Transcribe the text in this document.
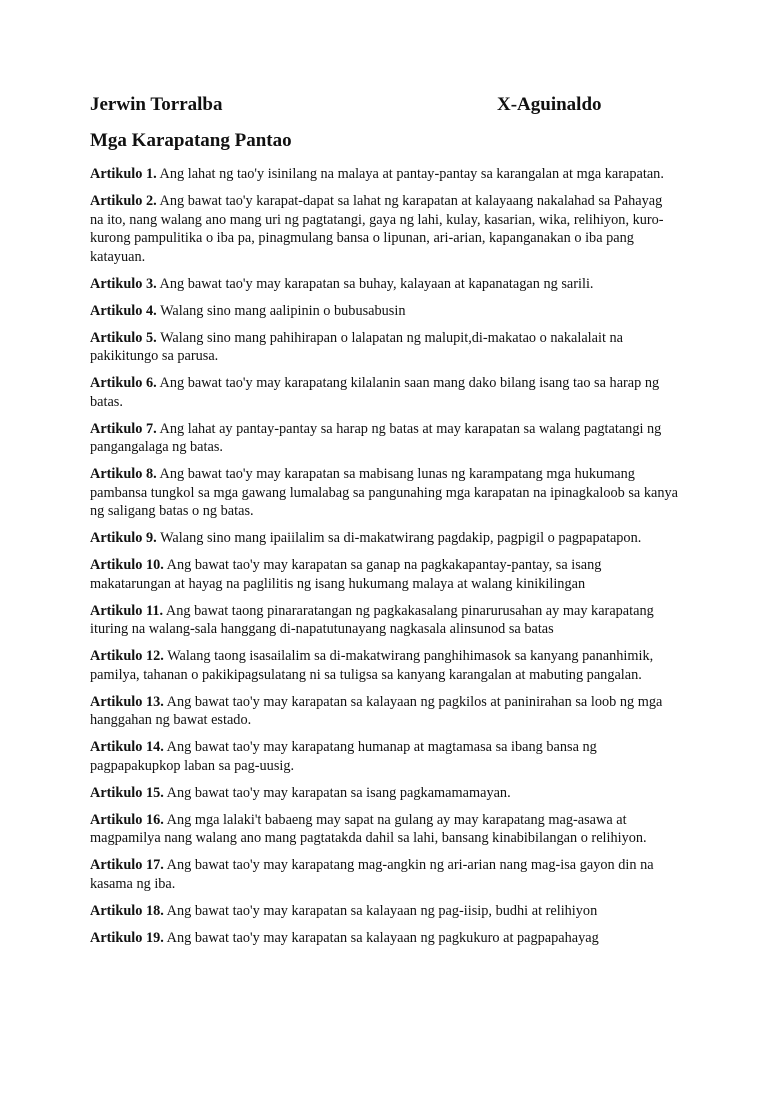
Jerwin Torralba	X-Aguinaldo
Mga Karapatang Pantao

Artikulo 1. Ang lahat ng tao'y isinilang na malaya at pantay-pantay sa karangalan at mga karapatan.

Artikulo 2. Ang bawat tao'y karapat-dapat sa lahat ng karapatan at kalayaang nakalahad sa Pahayag na ito, nang walang ano mang uri ng pagtatangi, gaya ng lahi, kulay, kasarian, wika, relihiyon, kuro-kurong pampulitika o iba pa, pinagmulang bansa o lipunan, ari-arian, kapanganakan o iba pang katayuan.

Artikulo 3. Ang bawat tao'y may karapatan sa buhay, kalayaan at kapanatagan ng sarili.

Artikulo 4. Walang sino mang aalipinin o bubusabusin

Artikulo 5. Walang sino mang pahihirapan o lalapatan ng malupit,di-makatao o nakalalait na pakikitungo sa parusa.

Artikulo 6. Ang bawat tao'y may karapatang kilalanin saan mang dako bilang isang tao sa harap ng batas.

Artikulo 7. Ang lahat ay pantay-pantay sa harap ng batas at may karapatan sa walang pagtatangi ng pangangalaga ng batas.

Artikulo 8. Ang bawat tao'y may karapatan sa mabisang lunas ng karampatang mga hukumang pambansa tungkol sa mga gawang lumalabag sa pangunahing mga karapatan na ipinagkaloob sa kanya ng saligang batas o ng batas.

Artikulo 9. Walang sino mang ipaiilalim sa di-makatwirang pagdakip, pagpigil o pagpapatapon.

Artikulo 10. Ang bawat tao'y may karapatan sa ganap na pagkakapantay-pantay, sa isang makatarungan at hayag na paglilitis ng isang hukumang malaya at walang kinikilingan

Artikulo 11. Ang bawat taong pinararatangan ng pagkakasalang pinarurusahan ay may karapatang ituring na walang-sala hanggang di-napatutunayang nagkasala alinsunod sa batas

Artikulo 12. Walang taong isasailalim sa di-makatwirang panghihimasok sa kanyang pananhimik, pamilya, tahanan o pakikipagsulatang ni sa tuligsa sa kanyang karangalan at mabuting pangalan.

Artikulo 13. Ang bawat tao'y may karapatan sa kalayaan ng pagkilos at paninirahan sa loob ng mga hanggahan ng bawat estado.

Artikulo 14. Ang bawat tao'y may karapatang humanap at magtamasa sa ibang bansa ng pagpapakupkop laban sa pag-uusig.

Artikulo 15. Ang bawat tao'y may karapatan sa isang pagkamamamayan.

Artikulo 16. Ang mga lalaki't babaeng may sapat na gulang ay may karapatang mag-asawa at magpamilya nang walang ano mang pagtatakda dahil sa lahi, bansang kinabibilangan o relihiyon.

Artikulo 17. Ang bawat tao'y may karapatang mag-angkin ng ari-arian nang mag-isa gayon din na kasama ng iba.

Artikulo 18. Ang bawat tao'y may karapatan sa kalayaan ng pag-iisip, budhi at relihiyon

Artikulo 19. Ang bawat tao'y may karapatan sa kalayaan ng pagkukuro at pagpapahayag
